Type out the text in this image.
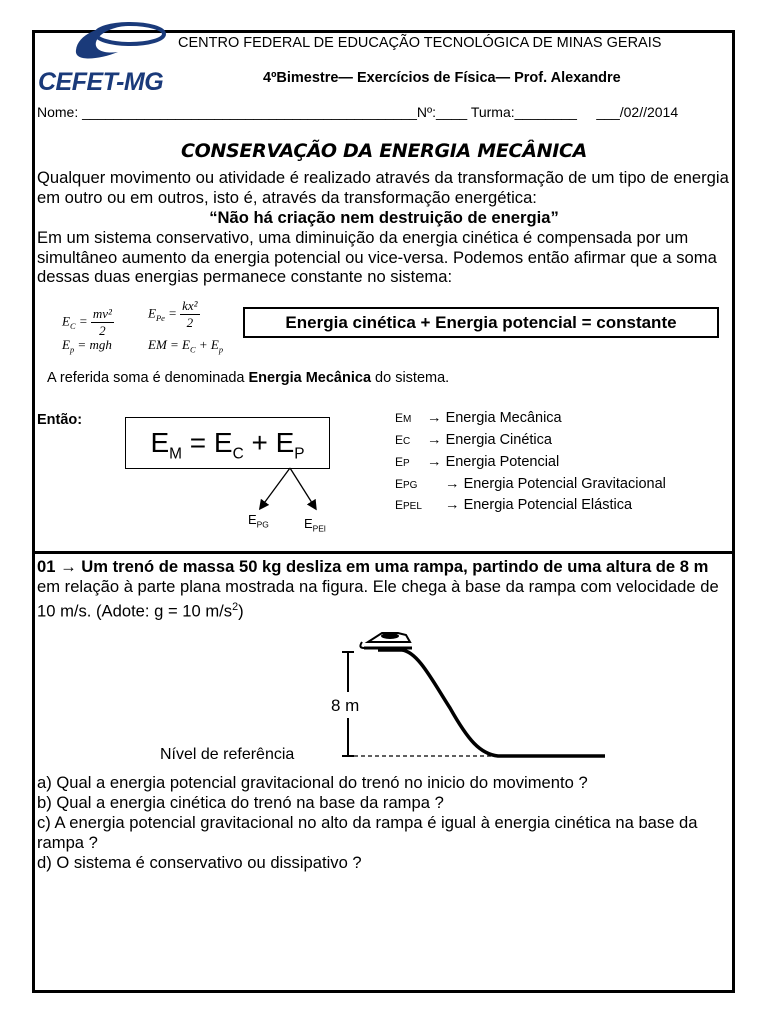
CEFET-MG
CENTRO FEDERAL DE EDUCAÇÃO TECNOLÓGICA DE MINAS GERAIS
4ºBimestre— Exercícios de Física— Prof. Alexandre
Nome: ___________________________________________Nº:____ Turma:________     ___/02//2014
CONSERVAÇÃO DA ENERGIA MECÂNICA
Qualquer movimento ou atividade é realizado através da transformação de um tipo de energia em outro ou em outros, isto é, através da transformação energética:
“Não há criação nem destruição de energia”
Em um sistema conservativo, uma diminuição da energia cinética é compensada por um simultâneo aumento da energia potencial ou vice-versa. Podemos então afirmar que a soma dessas duas energias permanece constante no sistema:
$E_C = \frac{\text{mv²}}{2}$	$E_{Pe} = \frac{\text{kx²}}{2}$
$E_p$ = mgh	EM = $E_C + E_p$
Energia cinética + Energia potencial = constante
A referida soma é denominada Energia Mecânica do sistema.
Então:
$E_M = E_C + E_P$
$E_{PG}$	$E_{PEl}$
EM → Energia Mecânica
EC → Energia Cinética
EP → Energia Potencial
EPG → Energia Potencial Gravitacional
EPEL → Energia Potencial Elástica
01 → Um trenó de massa 50 kg desliza em uma rampa, partindo de uma altura de 8 m
em relação à parte plana mostrada na figura. Ele chega à base da rampa com velocidade de 10 m/s. (Adote: g = 10 $m/s^2$)
8 m
Nível de referência
a) Qual a energia potencial gravitacional do trenó no inicio do movimento ?
b) Qual a energia cinética do trenó na base da rampa ?
c) A energia potencial gravitacional no alto da rampa é igual à energia cinética na base da rampa ?
d) O sistema é conservativo ou dissipativo ?
